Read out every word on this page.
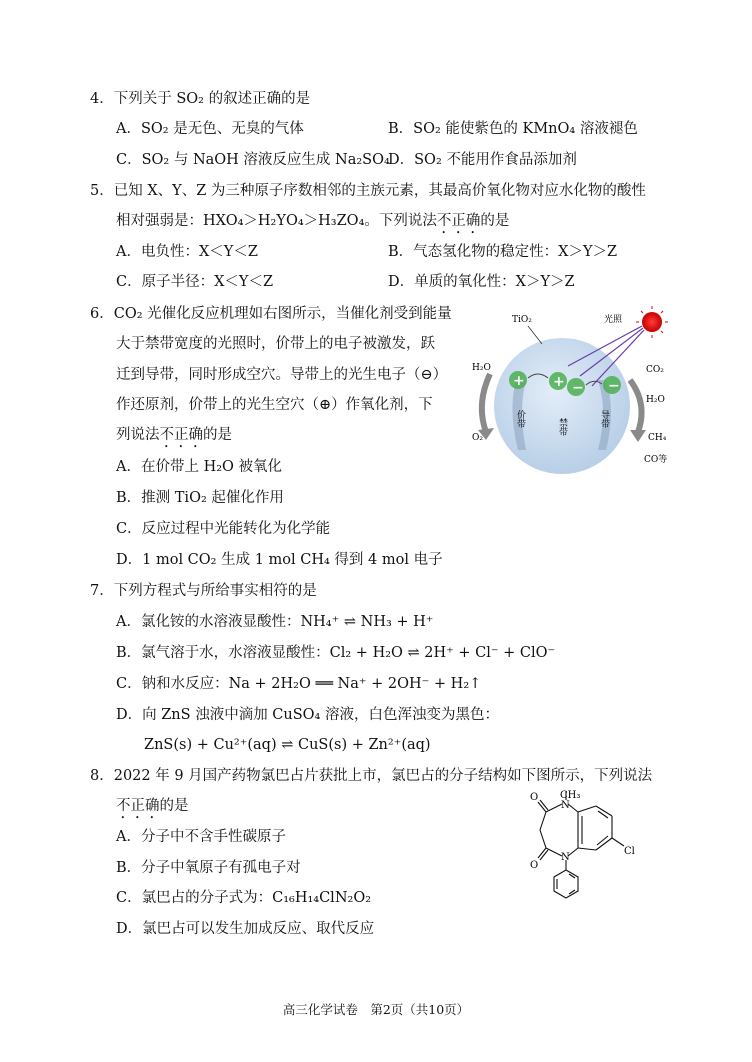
4．下列关于 SO₂ 的叙述正确的是
A．SO₂ 是无色、无臭的气体	B．SO₂ 能使紫色的 KMnO₄ 溶液褪色
C．SO₂ 与 NaOH 溶液反应生成 Na₂SO₄
D．SO₂ 不能用作食品添加剂
5．已知 X、Y、Z 为三种原子序数相邻的主族元素，其最高价氧化物对应水化物的酸性
相对强弱是：HXO₄＞H₂YO₄＞H₃ZO₄。下列说法不正确的是
A．电负性：X＜Y＜Z	B．气态氢化物的稳定性：X＞Y＞Z
C．原子半径：X＜Y＜Z	D．单质的氧化性：X＞Y＞Z
6．CO₂ 光催化反应机理如右图所示，当催化剂受到能量
大于禁带宽度的光照时，价带上的电子被激发，跃
迁到导带，同时形成空穴。导带上的光生电子（⊖）
作还原剂，价带上的光生空穴（⊕）作氧化剂，下
列说法不正确的是
A．在价带上 H₂O 被氧化
B．推测 TiO₂ 起催化作用
C．反应过程中光能转化为化学能
D．1 mol CO₂ 生成 1 mol CH₄ 得到 4 mol 电子
+ + − −
TiO₂	光照
H₂O
O₂
CO₂
H₂O
CH₄
CO等
价带	禁带	导带
7．下列方程式与所给事实相符的是
A．氯化铵的水溶液显酸性：NH₄⁺ ⇌ NH₃ + H⁺
B．氯气溶于水，水溶液显酸性：Cl₂ + H₂O ⇌ 2H⁺ + Cl⁻ + ClO⁻
C．钠和水反应：Na + 2H₂O ══ Na⁺ + 2OH⁻ + H₂↑
D．向 ZnS 浊液中滴加 CuSO₄ 溶液，白色浑浊变为黑色：
ZnS(s) + Cu²⁺(aq) ⇌ CuS(s) + Zn²⁺(aq)
8．2022 年 9 月国产药物氯巴占片获批上市，氯巴占的分子结构如下图所示，下列说法
不正确的是
A．分子中不含手性碳原子
B．分子中氧原子有孤电子对
C．氯巴占的分子式为：C₁₆H₁₄ClN₂O₂
D．氯巴占可以发生加成反应、取代反应
CH₃
N
N
O
O
Cl
高三化学试卷　第2页（共10页）
